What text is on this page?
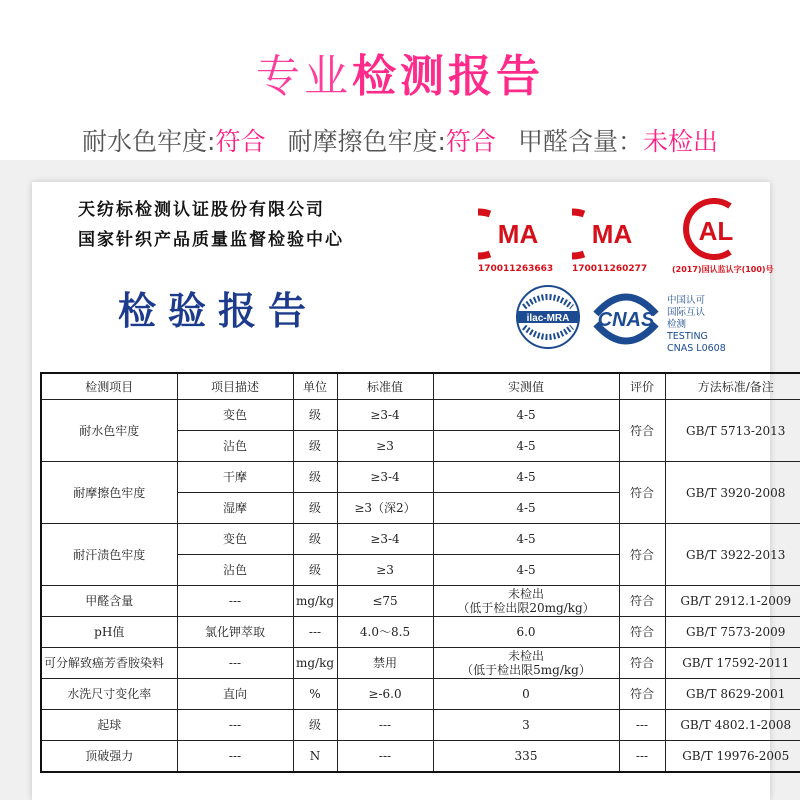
专业检测报告
耐水色牢度:符合 耐摩擦色牢度:符合 甲醛含量：未检出
天纺标检测认证股份有限公司
国家针织产品质量监督检验中心
检验报告
MA
170011263663
MA
170011260277
AL
(2017)国认监认字(100)号
ilac-MRA CNAS
中国认可
国际互认
检测
TESTING
CNAS L0608
检测项目	项目描述	单位	标准值	实测值	评价	方法标准/备注
耐水色牢度	变色	级	≥3-4	4-5	符合	GB/T 5713-2013
	沾色	级	≥3	4-5		
耐摩擦色牢度	干摩	级	≥3-4	4-5	符合	GB/T 3920-2008
	湿摩	级	≥3（深2）	4-5		
耐汗渍色牢度	变色	级	≥3-4	4-5	符合	GB/T 3922-2013
	沾色	级	≥3	4-5		
甲醛含量	---	mg/kg	≤75	未检出
（低于检出限20mg/kg）	符合	GB/T 2912.1-2009
pH值	氯化钾萃取	---	4.0～8.5	6.0	符合	GB/T 7573-2009
可分解致癌芳香胺染料	---	mg/kg	禁用	未检出
（低于检出限5mg/kg）	符合	GB/T 17592-2011
水洗尺寸变化率	直向	%	≥-6.0	0	符合	GB/T 8629-2001
起球	---	级	---	3	---	GB/T 4802.1-2008
顶破强力	---	N	---	335	---	GB/T 19976-2005
